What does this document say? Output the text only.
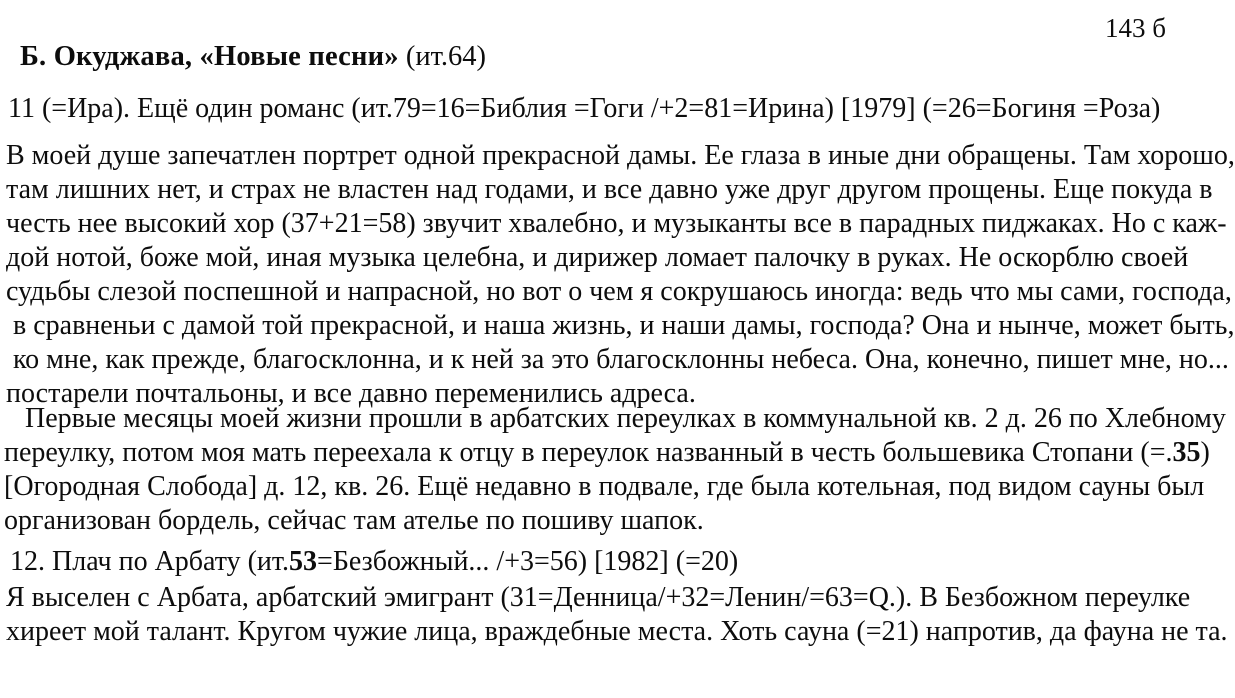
143 б
Б. Окуджава, «Новые песни» (ит.64)
11 (=Ира). Ещё один романс (ит.79=16=Библия =Гоги /+2=81=Ирина) [1979] (=26=Богиня =Роза)
В моей душе запечатлен портрет одной прекрасной дамы. Ее глаза в иные дни обращены. Там хорошо,
там лишних нет, и страх не властен над годами, и все давно уже друг другом прощены. Еще покуда в
честь нее высокий хор (37+21=58) звучит хвалебно, и музыканты все в парадных пиджаках. Но с каж-
дой нотой, боже мой, иная музыка целебна, и дирижер ломает палочку в руках. Не оскорблю своей
судьбы слезой поспешной и напрасной, но вот о чем я сокрушаюсь иногда: ведь что мы сами, господа,
в сравненьи с дамой той прекрасной, и наша жизнь, и наши дамы, господа? Она и нынче, может быть,
ко мне, как прежде, благосклонна, и к ней за это благосклонны небеса. Она, конечно, пишет мне, но...
постарели почтальоны, и все давно переменились адреса.
Первые месяцы моей жизни прошли в арбатских переулках в коммунальной кв. 2 д. 26 по Хлебному
переулку, потом моя мать переехала к отцу в переулок названный в честь большевика Стопани (=.35)
[Огородная Слобода] д. 12, кв. 26. Ещё недавно в подвале, где была котельная, под видом сауны был
организован бордель, сейчас там ателье по пошиву шапок.
12. Плач по Арбату (ит.53=Безбожный... /+3=56) [1982] (=20)
Я выселен с Арбата, арбатский эмигрант (31=Денница/+32=Ленин/=63=Q.). В Безбожном переулке
хиреет мой талант. Кругом чужие лица, враждебные места. Хоть сауна (=21) напротив, да фауна не та.
